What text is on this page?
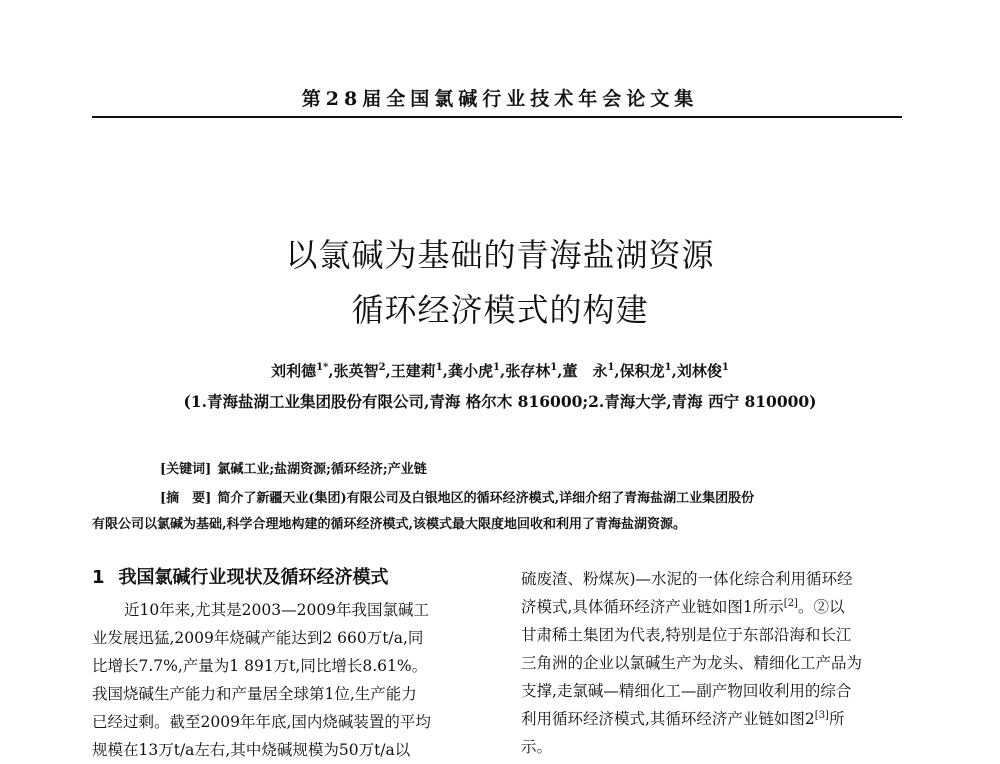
第28届全国氯碱行业技术年会论文集
以氯碱为基础的青海盐湖资源
循环经济模式的构建
刘利德$^{1*}$,张英智$^2$,王建莉$^1$,龚小虎$^1$,张存林$^1$,董　永$^1$,保积龙$^1$,刘林俊$^1$
(1.青海盐湖工业集团股份有限公司,青海 格尔木 816000;2.青海大学,青海 西宁 810000)
[关键词] 氯碱工业;盐湖资源;循环经济;产业链
[摘　要] 简介了新疆天业(集团)有限公司及白银地区的循环经济模式,详细介绍了青海盐湖工业集团股份
有限公司以氯碱为基础,科学合理地构建的循环经济模式,该模式最大限度地回收和利用了青海盐湖资源。
1 我国氯碱行业现状及循环经济模式
近10年来,尤其是2003—2009年我国氯碱工
业发展迅猛,2009年烧碱产能达到2 660万t/a,同
比增长7.7%,产量为1 891万t,同比增长8.61%。
我国烧碱生产能力和产量居全球第1位,生产能力
已经过剩。截至2009年年底,国内烧碱装置的平均
规模在13万t/a左右,其中烧碱规模为50万t/a以
硫废渣、粉煤灰)—水泥的一体化综合利用循环经
济模式,具体循环经济产业链如图1所示[2]。②以
甘肃稀土集团为代表,特别是位于东部沿海和长江
三角洲的企业以氯碱生产为龙头、精细化工产品为
支撑,走氯碱—精细化工—副产物回收利用的综合
利用循环经济模式,其循环经济产业链如图2[3]所
示。
